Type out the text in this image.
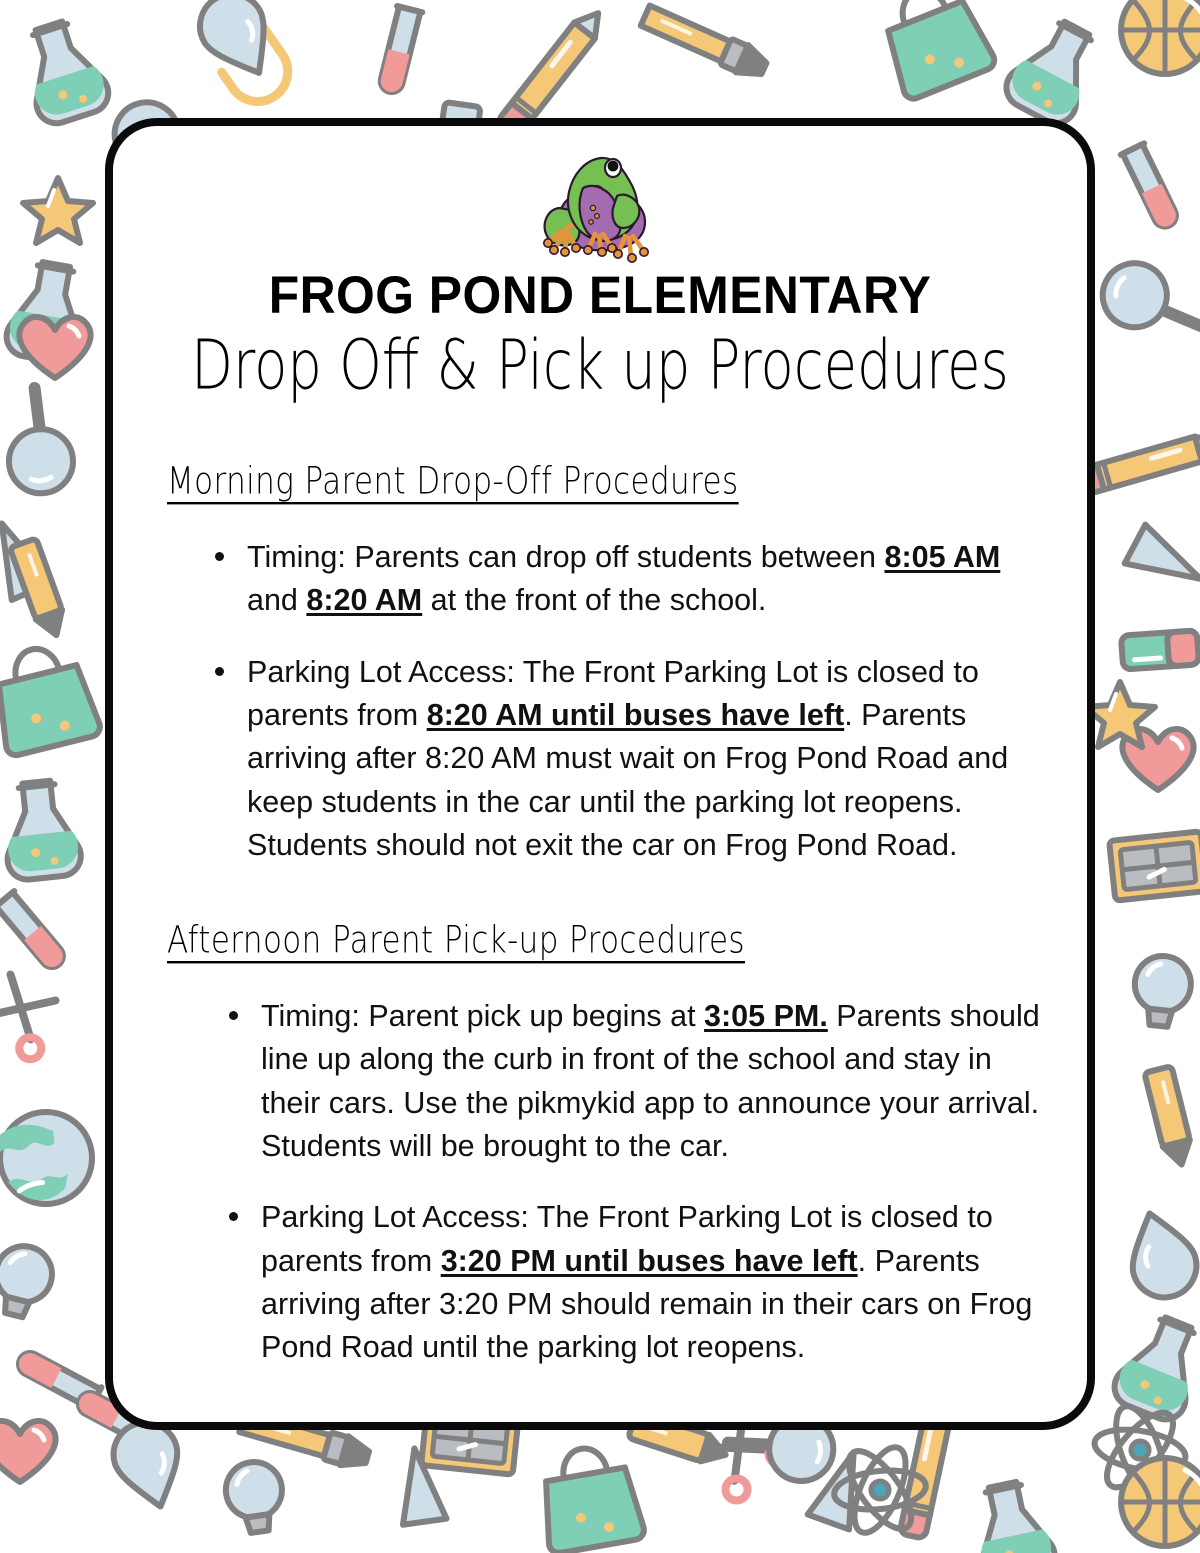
FROG POND ELEMENTARY
Drop Off & Pick up Procedures
Morning Parent Drop-Off Procedures
Timing: Parents can drop off students between 8:05 AM and 8:20 AM at the front of the school.
Parking Lot Access: The Front Parking Lot is closed to parents from 8:20 AM until buses have left. Parents arriving after 8:20 AM must wait on Frog Pond Road and keep students in the car until the parking lot reopens. Students should not exit the car on Frog Pond Road.
Afternoon Parent Pick-up Procedures
Timing: Parent pick up begins at 3:05 PM. Parents should line up along the curb in front of the school and stay in their cars. Use the pikmykid app to announce your arrival. Students will be brought to the car.
Parking Lot Access: The Front Parking Lot is closed to parents from 3:20 PM until buses have left. Parents arriving after 3:20 PM should remain in their cars on Frog Pond Road until the parking lot reopens.
